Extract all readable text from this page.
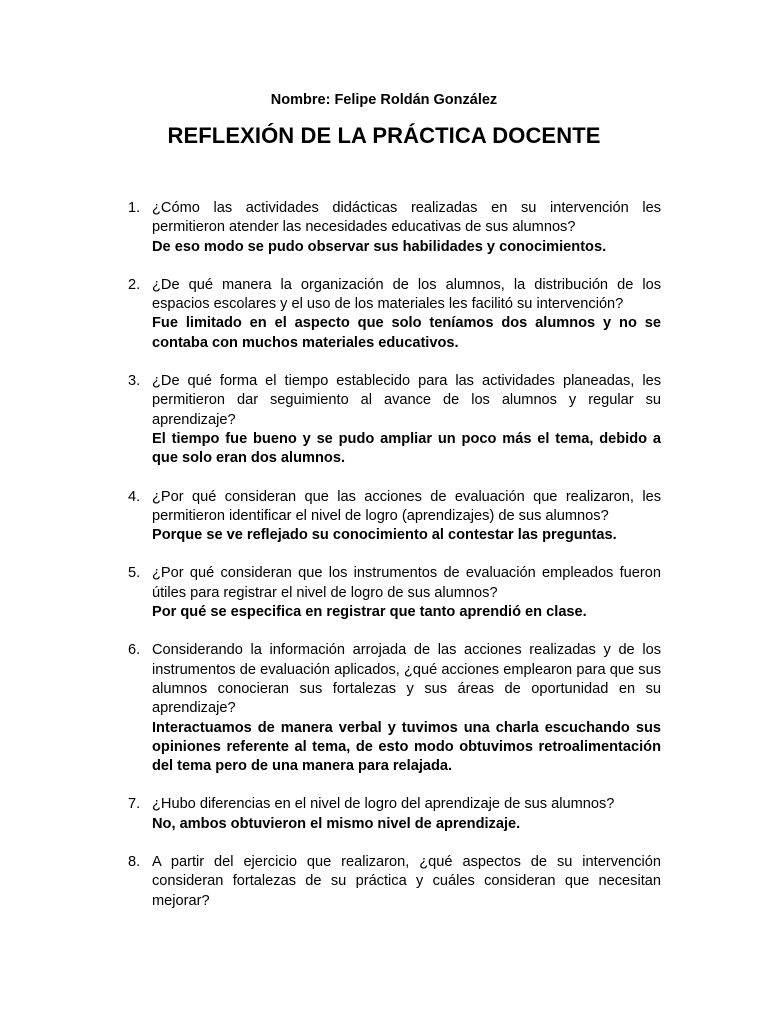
Nombre: Felipe Roldán González
REFLEXIÓN DE LA PRÁCTICA DOCENTE
1. ¿Cómo las actividades didácticas realizadas en su intervención les permitieron atender las necesidades educativas de sus alumnos?
De eso modo se pudo observar sus habilidades y conocimientos.
2. ¿De qué manera la organización de los alumnos, la distribución de los espacios escolares y el uso de los materiales les facilitó su intervención?
Fue limitado en el aspecto que solo teníamos dos alumnos y no se contaba con muchos materiales educativos.
3. ¿De qué forma el tiempo establecido para las actividades planeadas, les permitieron dar seguimiento al avance de los alumnos y regular su aprendizaje?
El tiempo fue bueno y se pudo ampliar un poco más el tema, debido a que solo eran dos alumnos.
4. ¿Por qué consideran que las acciones de evaluación que realizaron, les permitieron identificar el nivel de logro (aprendizajes) de sus alumnos?
Porque se ve reflejado su conocimiento al contestar las preguntas.
5. ¿Por qué consideran que los instrumentos de evaluación empleados fueron útiles para registrar el nivel de logro de sus alumnos?
Por qué se especifica en registrar que tanto aprendió en clase.
6. Considerando la información arrojada de las acciones realizadas y de los instrumentos de evaluación aplicados, ¿qué acciones emplearon para que sus alumnos conocieran sus fortalezas y sus áreas de oportunidad en su aprendizaje?
Interactuamos de manera verbal y tuvimos una charla escuchando sus opiniones referente al tema, de esto modo obtuvimos retroalimentación del tema pero de una manera para relajada.
7. ¿Hubo diferencias en el nivel de logro del aprendizaje de sus alumnos?
No, ambos obtuvieron el mismo nivel de aprendizaje.
8. A partir del ejercicio que realizaron, ¿qué aspectos de su intervención consideran fortalezas de su práctica y cuáles consideran que necesitan mejorar?
